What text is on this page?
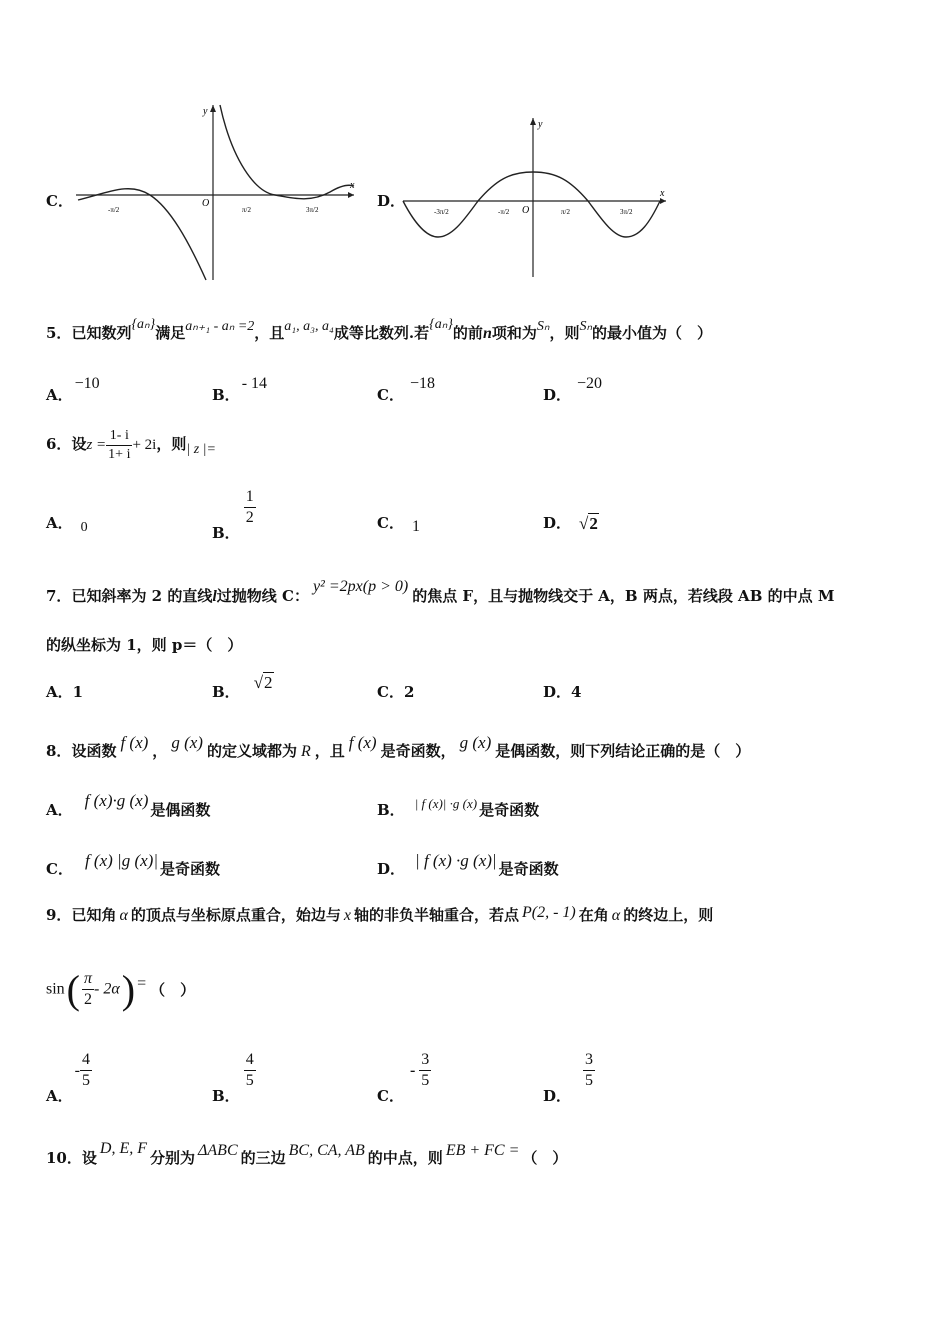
C．
y
x
O
-π/2	π/2	3π/2	D．
y
x
O
-3π/2	-π/2	π/2	3π/2
5．已知数列{aₙ}满足aₙ₊₁ - aₙ =2，且a₁, a₃, a₄成等比数列.若{aₙ}的前n项和为Sₙ，则Sₙ的最小值为（　）
A．−10
B．- 14
C．−18
D．−20
6．设$z = \frac{1- i}{1+ i} + 2i$，则| z |=
A． 0	B．
$\frac{1}{2}$	C． 1	D． √2
7．已知斜率为 2 的直线l过抛物线 C：y² =2px(p > 0)的焦点 F，且与抛物线交于 A，B 两点，若线段 AB 的中点 M
的纵坐标为 1，则 p＝（　）
A．1	B． √2	C．2	D．4
8．设函数 f (x) ， g (x) 的定义域都为 R ，且 f (x) 是奇函数， g (x) 是偶函数，则下列结论正确的是（　）
A． f (x)·g (x) 是偶函数	B． | f (x)| ·g (x) 是奇函数
C． f (x) |g (x)| 是奇函数	D． | f (x) ·g (x)| 是奇函数
9．已知角 α 的顶点与坐标原点重合，始边与 x 轴的非负半轴重合，若点 P(2, - 1) 在角 α 的终边上，则
$\sin( \frac{\pi}{2} - 2\alpha)$ = （　）
A．- $\frac{4}{5}$
B．
$\frac{4}{5}$
C．- $\frac{3}{5}$
D．
$\frac{3}{5}$
10．设D, E, F分别为 ΔABC 的三边 BC, CA, AB 的中点，则 EB + FC = （　）
